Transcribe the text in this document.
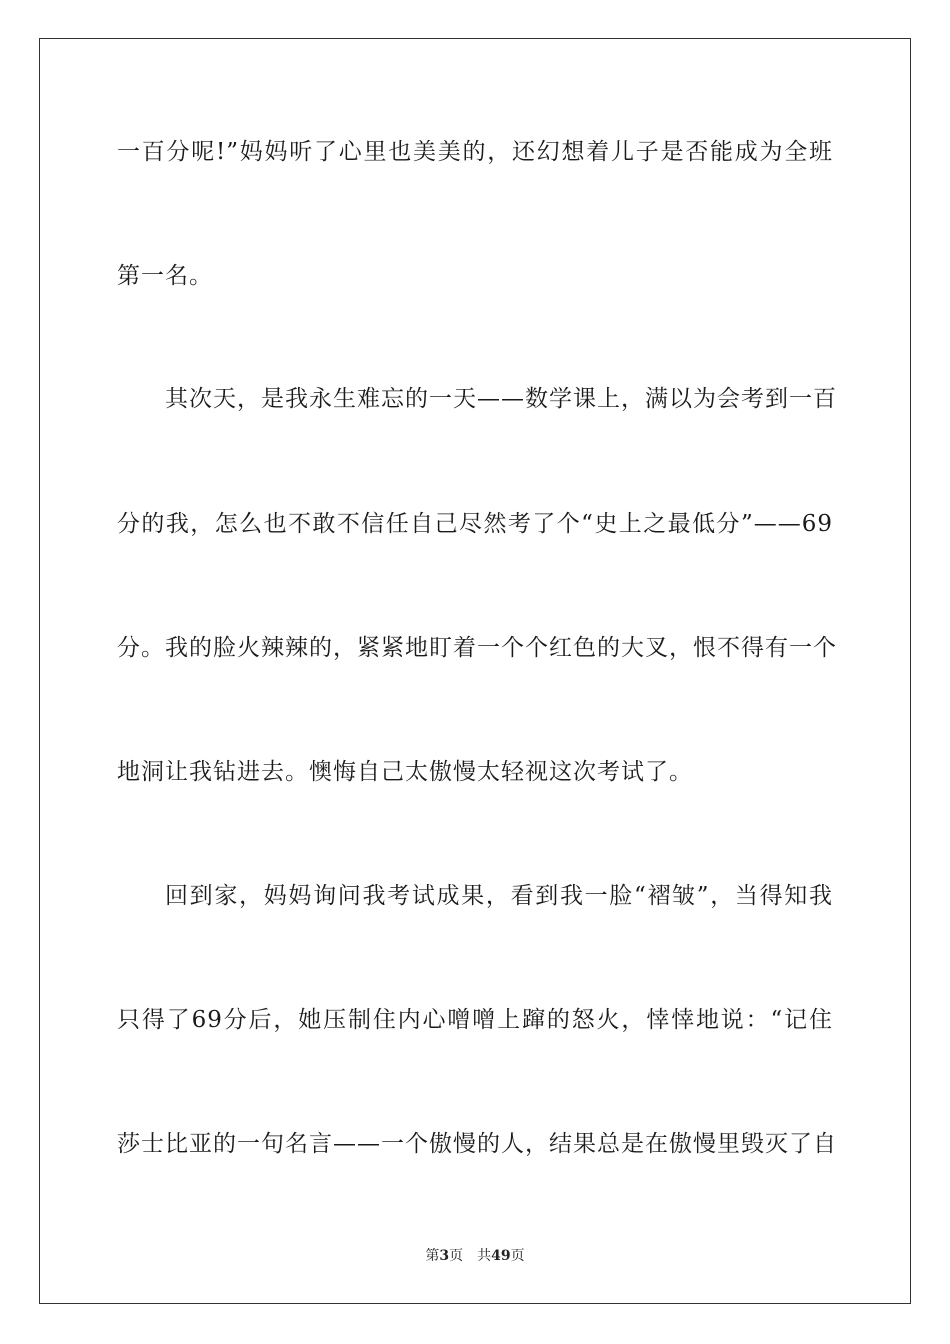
一百分呢!”妈妈听了心里也美美的，还幻想着儿子是否能成为全班
第一名。
其次天，是我永生难忘的一天——数学课上，满以为会考到一百
分的我，怎么也不敢不信任自己尽然考了个“史上之最低分”——69
分。我的脸火辣辣的，紧紧地盯着一个个红色的大叉，恨不得有一个
地洞让我钻进去。懊悔自己太傲慢太轻视这次考试了。
回到家，妈妈询问我考试成果，看到我一脸“褶皱”，当得知我
只得了69分后，她压制住内心噌噌上蹿的怒火，悻悻地说：“记住
莎士比亚的一句名言——一个傲慢的人，结果总是在傲慢里毁灭了自
第3页 共49页
